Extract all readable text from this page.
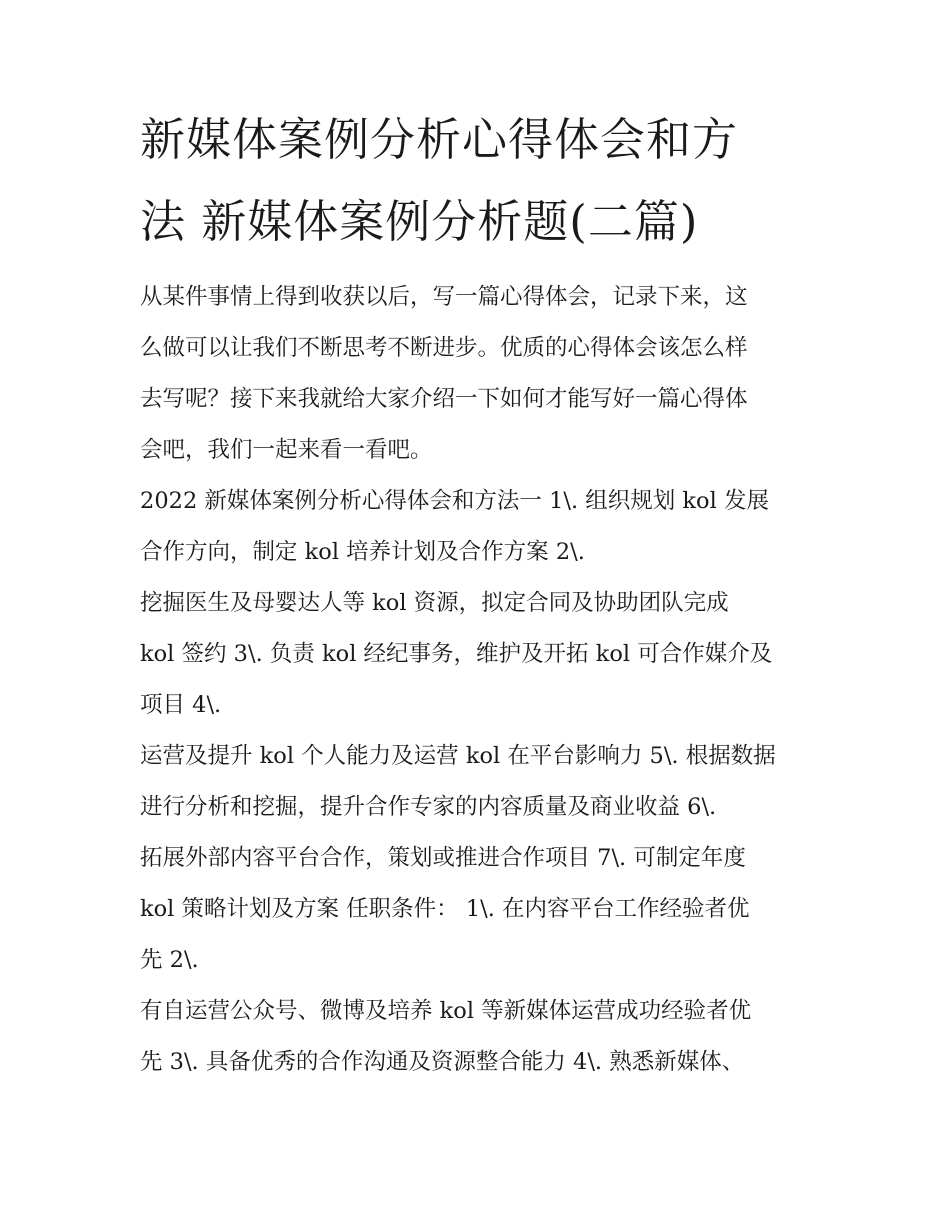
新媒体案例分析心得体会和方
法 新媒体案例分析题(二篇)
从某件事情上得到收获以后，写一篇心得体会，记录下来，这
么做可以让我们不断思考不断进步。优质的心得体会该怎么样
去写呢？接下来我就给大家介绍一下如何才能写好一篇心得体
会吧，我们一起来看一看吧。
2022 新媒体案例分析心得体会和方法一 1\. 组织规划 kol 发展
合作方向，制定 kol 培养计划及合作方案 2\.
挖掘医生及母婴达人等 kol 资源，拟定合同及协助团队完成
kol 签约 3\. 负责 kol 经纪事务，维护及开拓 kol 可合作媒介及
项目 4\.
运营及提升 kol 个人能力及运营 kol 在平台影响力 5\. 根据数据
进行分析和挖掘，提升合作专家的内容质量及商业收益 6\.
拓展外部内容平台合作，策划或推进合作项目 7\. 可制定年度
kol 策略计划及方案 任职条件： 1\. 在内容平台工作经验者优
先 2\.
有自运营公众号、微博及培养 kol 等新媒体运营成功经验者优
先 3\. 具备优秀的合作沟通及资源整合能力 4\. 熟悉新媒体、
